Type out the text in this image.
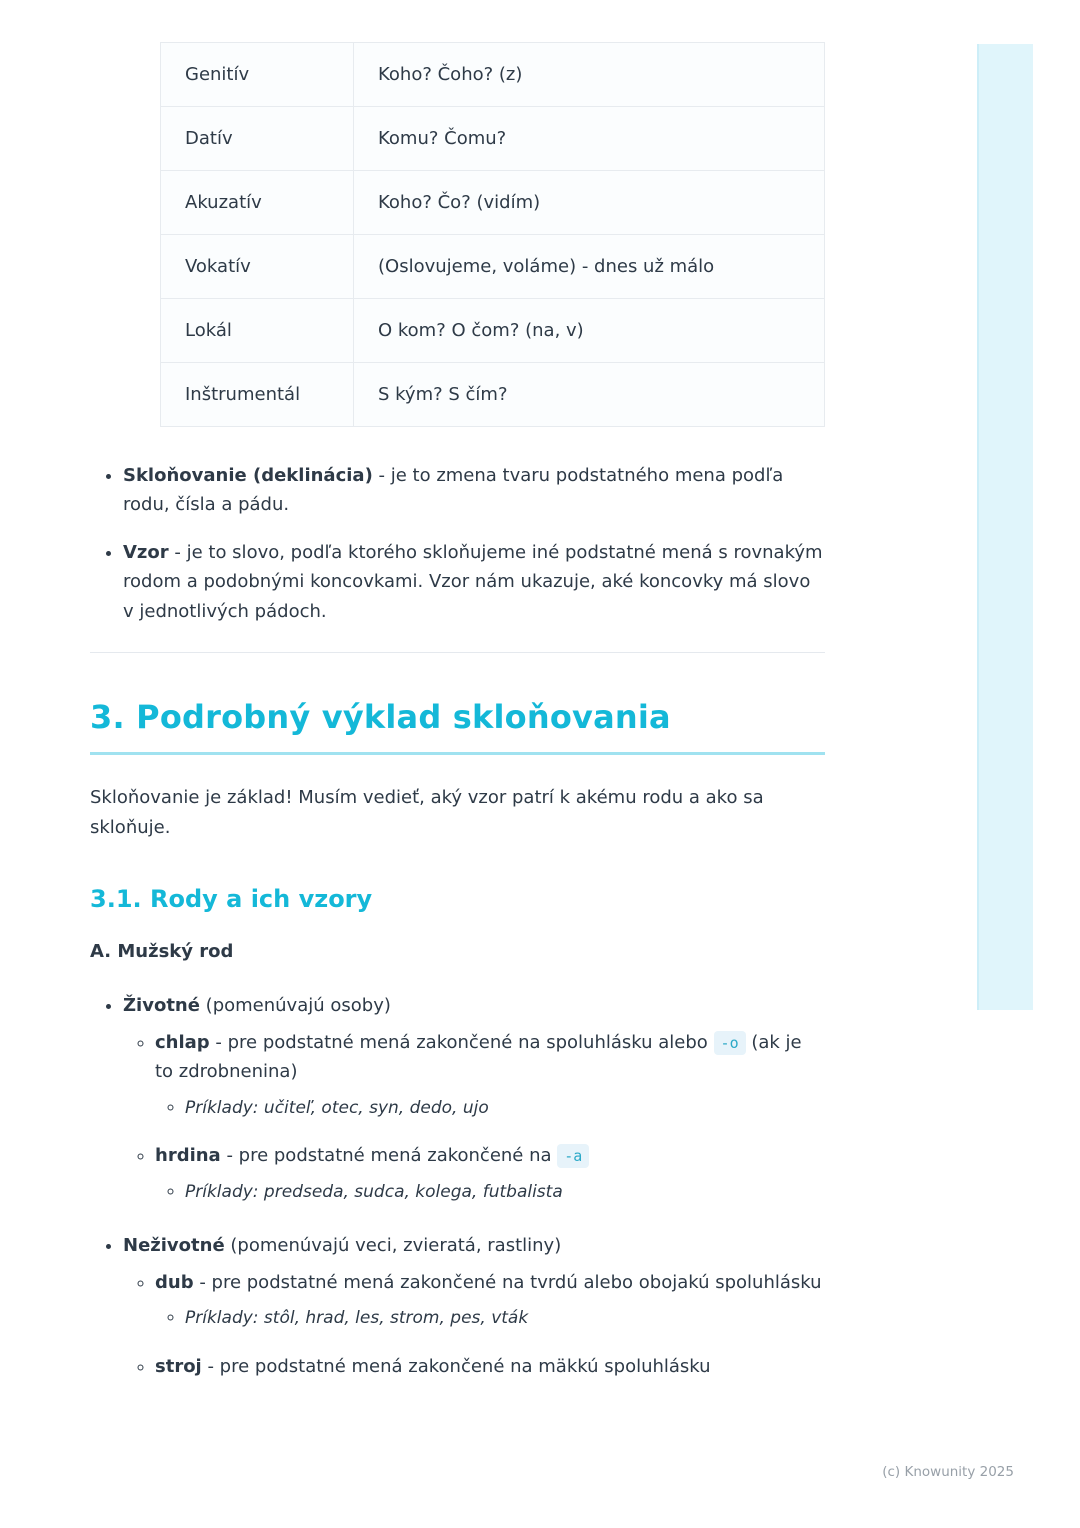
Genitív	Koho? Čoho? (z)
Datív	Komu? Čomu?
Akuzatív	Koho? Čo? (vidím)
Vokatív	(Oslovujeme, voláme) - dnes už málo
Lokál	O kom? O čom? (na, v)
Inštrumentál	S kým? S čím?
• Skloňovanie (deklinácia) - je to zmena tvaru podstatného mena podľa rodu, čísla a pádu.
• Vzor - je to slovo, podľa ktorého skloňujeme iné podstatné mená s rovnakým rodom a podobnými koncovkami. Vzor nám ukazuje, aké koncovky má slovo v jednotlivých pádoch.
3. Podrobný výklad skloňovania

Skloňovanie je základ! Musím vedieť, aký vzor patrí k akému rodu a ako sa skloňuje.

3.1. Rody a ich vzory

A. Mužský rod

• Životné (pomenúvajú osoby)
◦ chlap - pre podstatné mená zakončené na spoluhlásku alebo -o (ak je to zdrobnenina)
◦ Príklady: učiteľ, otec, syn, dedo, ujo
◦ hrdina - pre podstatné mená zakončené na -a
◦ Príklady: predseda, sudca, kolega, futbalista
• Neživotné (pomenúvajú veci, zvieratá, rastliny)
◦ dub - pre podstatné mená zakončené na tvrdú alebo obojakú spoluhlásku
◦ Príklady: stôl, hrad, les, strom, pes, vták
◦ stroj - pre podstatné mená zakončené na mäkkú spoluhlásku
(c) Knowunity 2025
